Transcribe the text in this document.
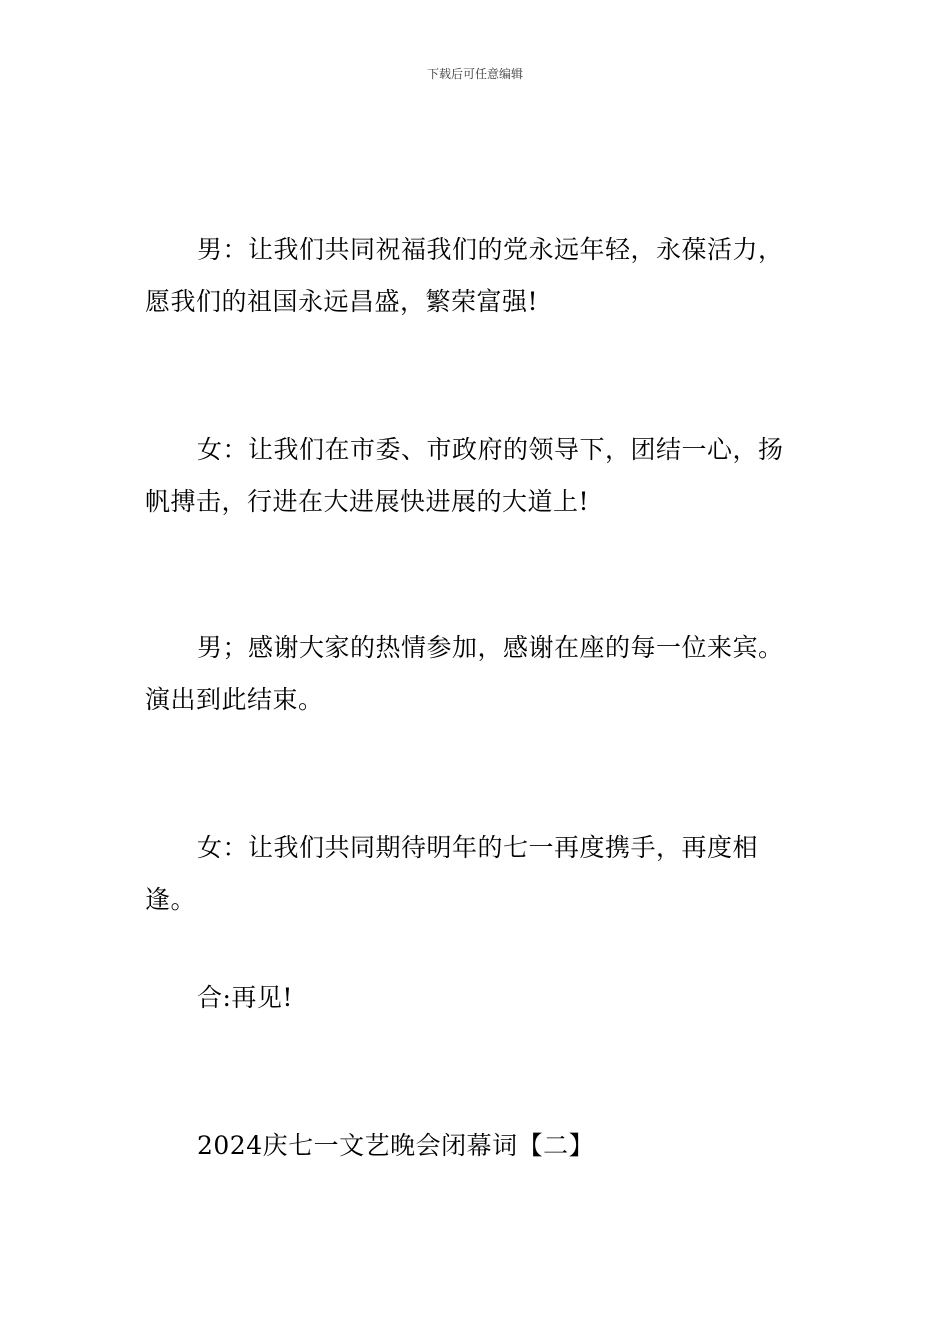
下载后可任意编辑

男：让我们共同祝福我们的党永远年轻，永葆活力，愿我们的祖国永远昌盛，繁荣富强!

女：让我们在市委、市政府的领导下，团结一心，扬帆搏击，行进在大进展快进展的大道上!

男；感谢大家的热情参加，感谢在座的每一位来宾。演出到此结束。

女：让我们共同期待明年的七一再度携手，再度相逢。

合:再见!

2024庆七一文艺晚会闭幕词【二】
